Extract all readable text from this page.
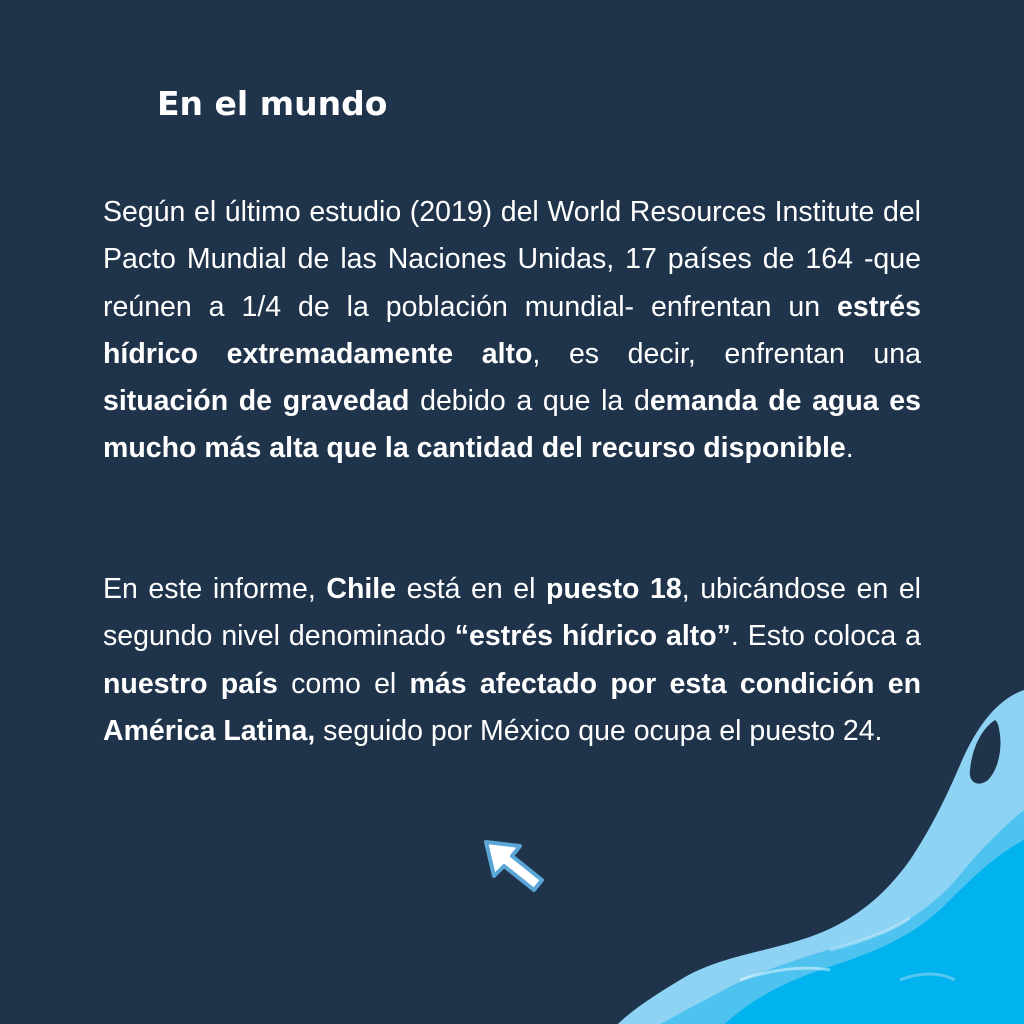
En el mundo

Según el último estudio (2019) del World Resources Institute del Pacto Mundial de las Naciones Unidas, 17 países de 164 -que reúnen a 1/4 de la población mundial- enfrentan un estrés hídrico extremadamente alto, es decir, enfrentan una situación de gravedad debido a que la demanda de agua es mucho más alta que la cantidad del recurso disponible.

En este informe, Chile está en el puesto 18, ubicándose en el segundo nivel denominado “estrés hídrico alto”. Esto coloca a nuestro país como el más afectado por esta condición en América Latina, seguido por México que ocupa el puesto 24.
